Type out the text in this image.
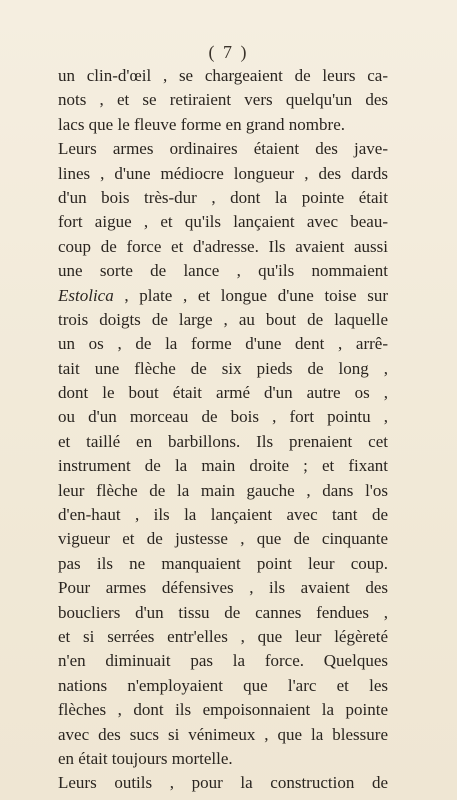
( 7 )
un clin-d'œil , se chargeaient de leurs ca-
nots , et se retiraient vers quelqu'un des
lacs que le fleuve forme en grand nombre.
Leurs armes ordinaires étaient des jave-
lines , d'une médiocre longueur , des dards
d'un bois très-dur , dont la pointe était
fort aigue , et qu'ils lançaient avec beau-
coup de force et d'adresse. Ils avaient aussi
une sorte de lance , qu'ils nommaient
Estolica , plate , et longue d'une toise sur
trois doigts de large , au bout de laquelle
un os , de la forme d'une dent , arrê-
tait une flèche de six pieds de long ,
dont le bout était armé d'un autre os ,
ou d'un morceau de bois , fort pointu ,
et taillé en barbillons. Ils prenaient cet
instrument de la main droite ; et fixant
leur flèche de la main gauche , dans l'os
d'en-haut , ils la lançaient avec tant de
vigueur et de justesse , que de cinquante
pas ils ne manquaient point leur coup.
Pour armes défensives , ils avaient des
boucliers d'un tissu de cannes fendues ,
et si serrées entr'elles , que leur légèreté
n'en diminuait pas la force. Quelques
nations n'employaient que l'arc et les
flèches , dont ils empoisonnaient la pointe
avec des sucs si vénimeux , que la blessure
en était toujours mortelle.
Leurs outils , pour la construction de
